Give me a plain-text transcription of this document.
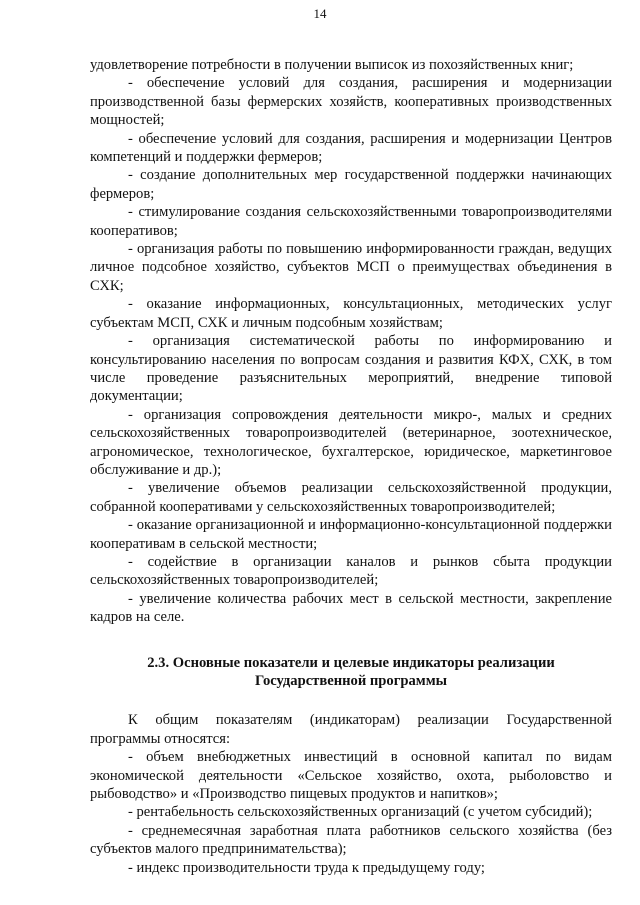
14

удовлетворение потребности в получении выписок из похозяйственных книг;

- обеспечение условий для создания, расширения и модернизации производственной базы фермерских хозяйств, кооперативных производственных мощностей;

- обеспечение условий для создания, расширения и модернизации Центров компетенций и поддержки фермеров;

- создание дополнительных мер государственной поддержки начинающих фермеров;

- стимулирование создания сельскохозяйственными товаропроизводителями кооперативов;

- организация работы по повышению информированности граждан, ведущих личное подсобное хозяйство, субъектов МСП о преимуществах объединения в СХК;

- оказание информационных, консультационных, методических услуг субъектам МСП, СХК и личным подсобным хозяйствам;

- организация систематической работы по информированию и консультированию населения по вопросам создания и развития КФХ, СХК, в том числе проведение разъяснительных мероприятий, внедрение типовой документации;

- организация сопровождения деятельности микро-, малых и средних сельскохозяйственных товаропроизводителей (ветеринарное, зоотехническое, агрономическое, технологическое, бухгалтерское, юридическое, маркетинговое обслуживание и др.);

- увеличение объемов реализации сельскохозяйственной продукции, собранной кооперативами у сельскохозяйственных товаропроизводителей;

- оказание организационной и информационно-консультационной поддержки кооперативам в сельской местности;

- содействие в организации каналов и рынков сбыта продукции сельскохозяйственных товаропроизводителей;

- увеличение количества рабочих мест в сельской местности, закрепление кадров на селе.

2.3. Основные показатели и целевые индикаторы реализации
Государственной программы

К общим показателям (индикаторам) реализации Государственной программы относятся:

- объем внебюджетных инвестиций в основной капитал по видам экономической деятельности «Сельское хозяйство, охота, рыболовство и рыбоводство» и «Производство пищевых продуктов и напитков»;

- рентабельность сельскохозяйственных организаций (с учетом субсидий);

- среднемесячная заработная плата работников сельского хозяйства (без субъектов малого предпринимательства);

- индекс производительности труда к предыдущему году;
